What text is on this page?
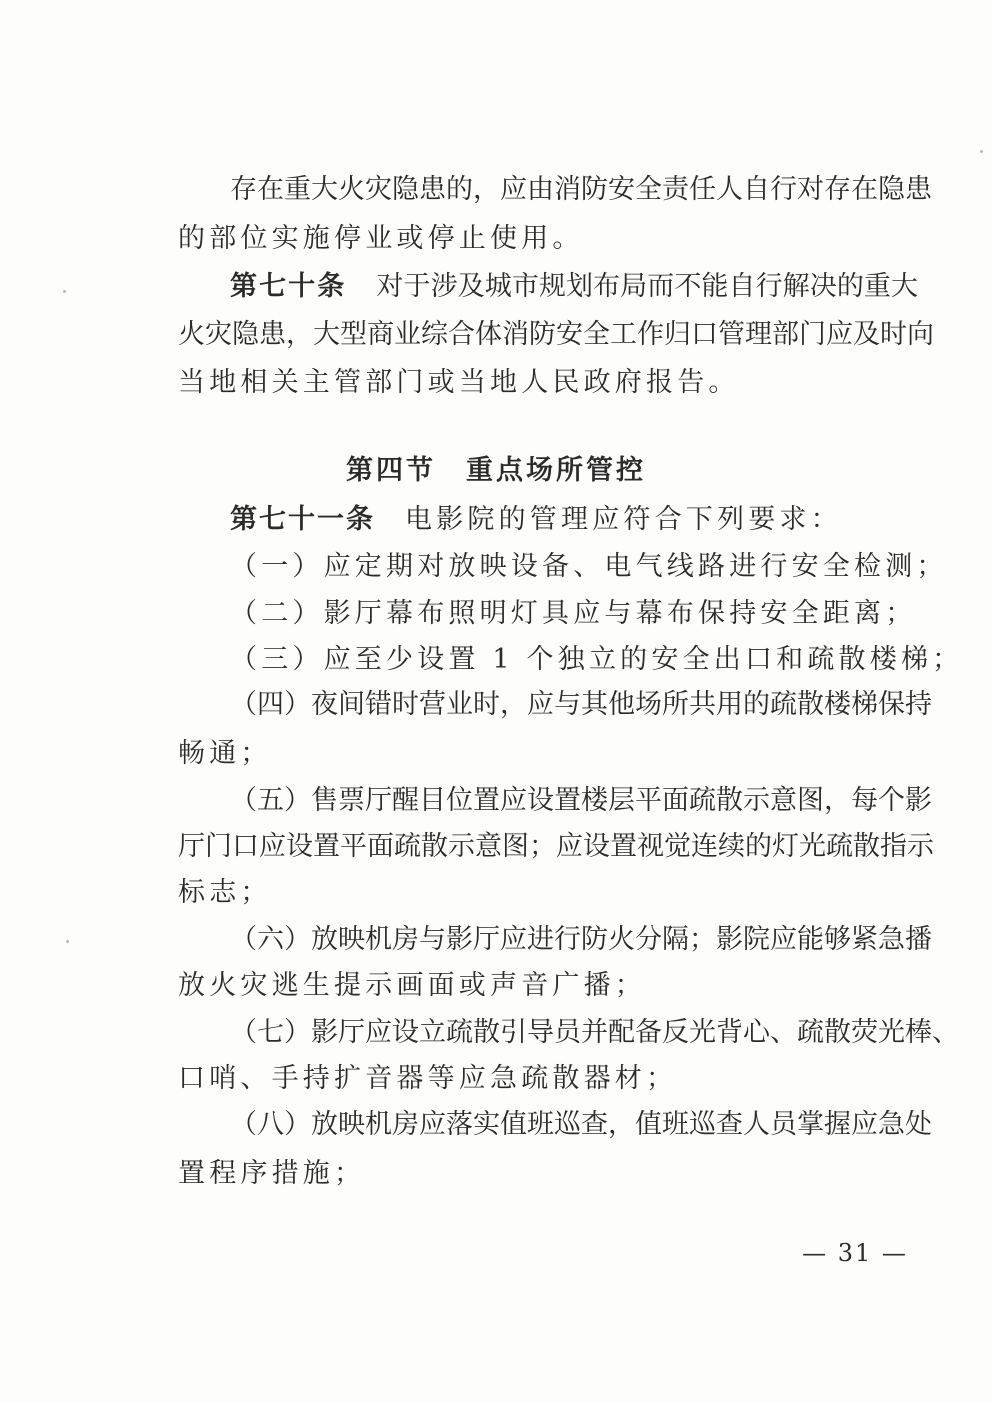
存在重大火灾隐患的，应由消防安全责任人自行对存在隐患
的部位实施停业或停止使用。
第七十条 对于涉及城市规划布局而不能自行解决的重大
火灾隐患，大型商业综合体消防安全工作归口管理部门应及时向
当地相关主管部门或当地人民政府报告。
第四节 重点场所管控
第七十一条 电影院的管理应符合下列要求：
（一）应定期对放映设备、电气线路进行安全检测；
（二）影厅幕布照明灯具应与幕布保持安全距离；
（三）应至少设置 1 个独立的安全出口和疏散楼梯；
（四）夜间错时营业时，应与其他场所共用的疏散楼梯保持
畅通；
（五）售票厅醒目位置应设置楼层平面疏散示意图，每个影
厅门口应设置平面疏散示意图；应设置视觉连续的灯光疏散指示
标志；
（六）放映机房与影厅应进行防火分隔；影院应能够紧急播
放火灾逃生提示画面或声音广播；
（七）影厅应设立疏散引导员并配备反光背心、疏散荧光棒、
口哨、手持扩音器等应急疏散器材；
（八）放映机房应落实值班巡查，值班巡查人员掌握应急处
置程序措施；
— 31 —
